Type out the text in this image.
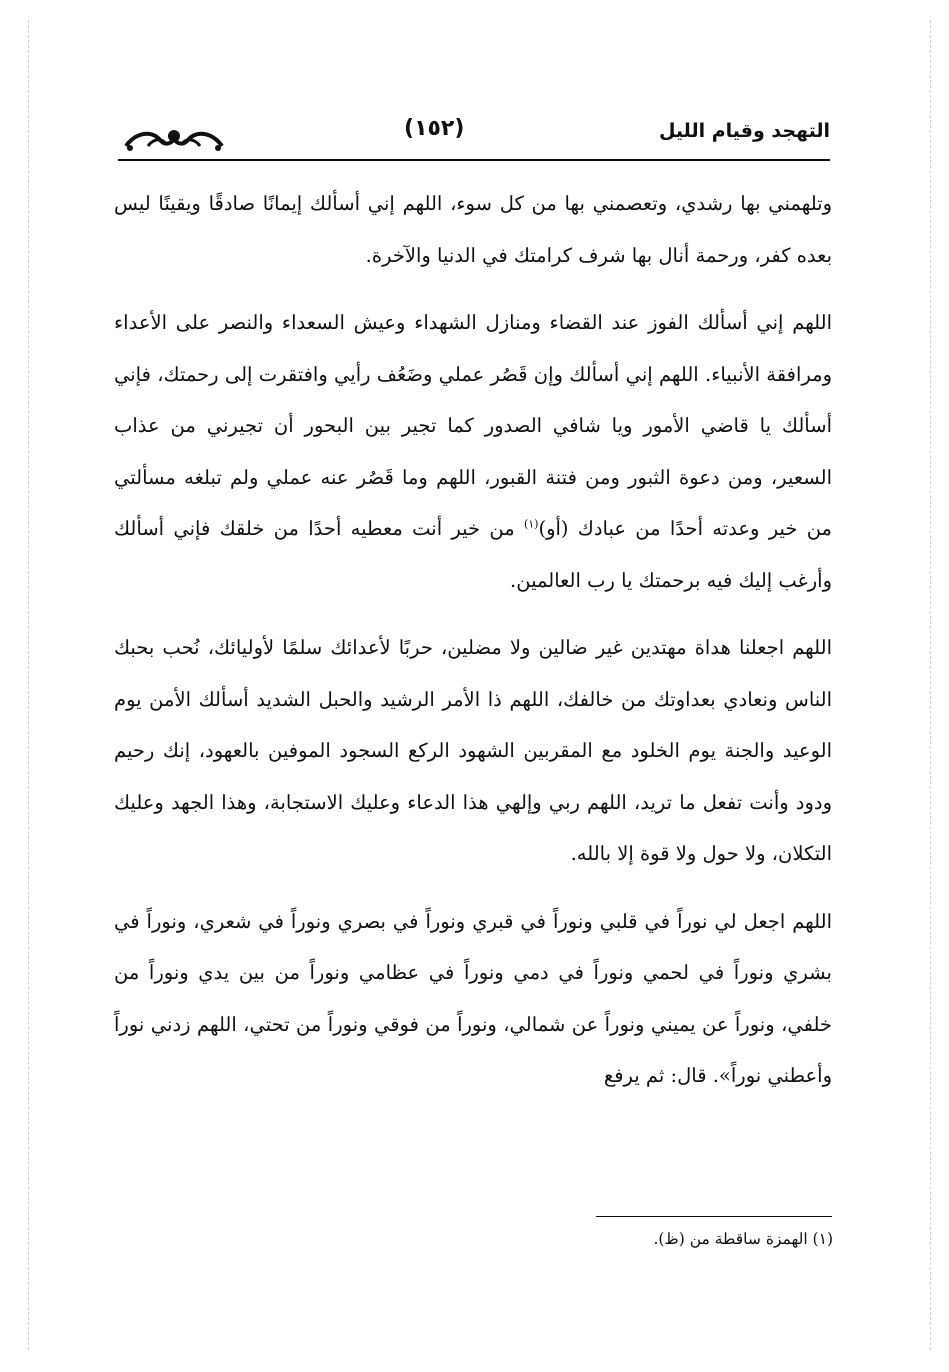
التهجد وقيام الليل
(١٥٢)

وتلهمني بها رشدي، وتعصمني بها من كل سوء، اللهم إني أسألك إيمانًا صادقًا ويقينًا ليس بعده كفر، ورحمة أنال بها شرف كرامتك في الدنيا والآخرة.

اللهم إني أسألك الفوز عند القضاء ومنازل الشهداء وعيش السعداء والنصر على الأعداء ومرافقة الأنبياء. اللهم إني أسألك وإن قَصُر عملي وضَعُف رأيي وافتقرت إلى رحمتك، فإني أسألك يا قاضي الأمور ويا شافي الصدور كما تجير بين البحور أن تجيرني من عذاب السعير، ومن دعوة الثبور ومن فتنة القبور، اللهم وما قَصُر عنه عملي ولم تبلغه مسألتي من خير وعدته أحدًا من عبادك (أو)$^{(١)}$ من خير أنت معطيه أحدًا من خلقك فإني أسألك وأرغب إليك فيه برحمتك يا رب العالمين.

اللهم اجعلنا هداة مهتدين غير ضالين ولا مضلين، حربًا لأعدائك سلمًا لأوليائك، نُحب بحبك الناس ونعادي بعداوتك من خالفك، اللهم ذا الأمر الرشيد والحبل الشديد أسألك الأمن يوم الوعيد والجنة يوم الخلود مع المقربين الشهود الركع السجود الموفين بالعهود، إنك رحيم ودود وأنت تفعل ما تريد، اللهم ربي وإلهي هذا الدعاء وعليك الاستجابة، وهذا الجهد وعليك التكلان، ولا حول ولا قوة إلا بالله.

اللهم اجعل لي نوراً في قلبي ونوراً في قبري ونوراً في بصري ونوراً في شعري، ونوراً في بشري ونوراً في لحمي ونوراً في دمي ونوراً في عظامي ونوراً من بين يدي ونوراً من خلفي، ونوراً عن يميني ونوراً عن شمالي، ونوراً من فوقي ونوراً من تحتي، اللهم زدني نوراً وأعطني نوراً». قال: ثم يرفع

(١) الهمزة ساقطة من (ظ).
